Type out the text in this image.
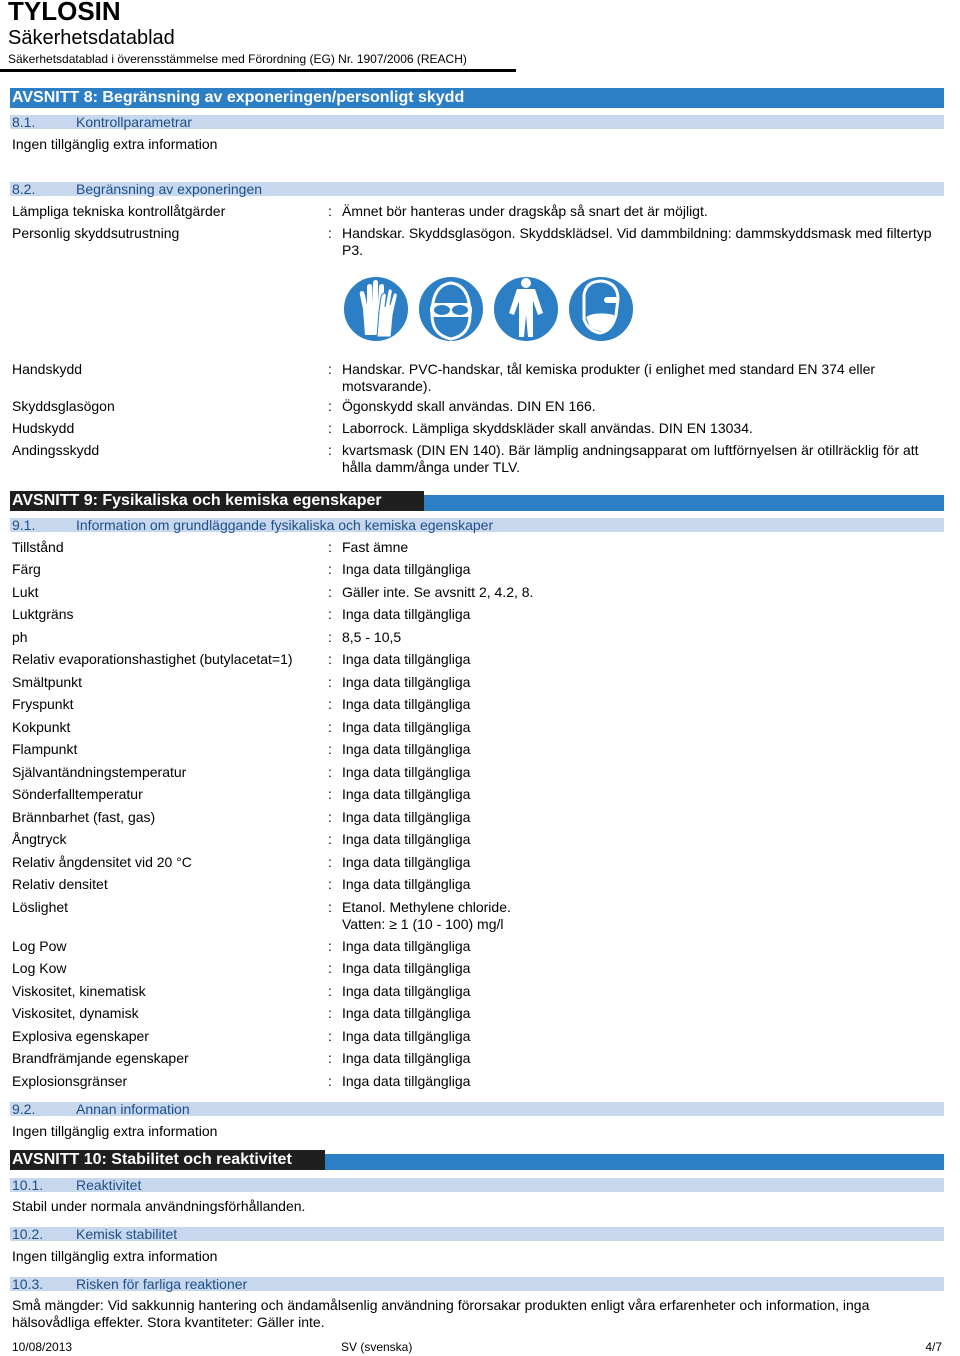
TYLOSIN
Säkerhetsdatablad
Säkerhetsdatablad i överensstämmelse med Förordning (EG) Nr. 1907/2006 (REACH)
AVSNITT 8: Begränsning av exponeringen/personligt skydd
8.1.	Kontrollparametrar
Ingen tillgänglig extra information
8.2.	Begränsning av exponeringen
Lämpliga tekniska kontrollåtgärder	: Ämnet bör hanteras under dragskåp så snart det är möjligt.
Personlig skyddsutrustning	: Handskar. Skyddsglasögon. Skyddsklädsel. Vid dammbildning: dammskyddsmask med filtertyp P3.
Handskydd	: Handskar. PVC-handskar, tål kemiska produkter (i enlighet med standard EN 374 eller motsvarande).
Skyddsglasögon	: Ögonskydd skall användas. DIN EN 166.
Hudskydd	: Laborrock. Lämpliga skyddskläder skall användas. DIN EN 13034.
Andingsskydd	: kvartsmask (DIN EN 140). Bär lämplig andningsapparat om luftförnyelsen är otillräcklig för att hålla damm/ånga under TLV.
AVSNITT 9: Fysikaliska och kemiska egenskaper
9.1.	Information om grundläggande fysikaliska och kemiska egenskaper
Tillstånd	: Fast ämne
Färg	: Inga data tillgängliga
Lukt	: Gäller inte. Se avsnitt 2, 4.2, 8.
Luktgräns	: Inga data tillgängliga
ph	: 8,5 - 10,5
Relativ evaporationshastighet (butylacetat=1)	: Inga data tillgängliga
Smältpunkt	: Inga data tillgängliga
Fryspunkt	: Inga data tillgängliga
Kokpunkt	: Inga data tillgängliga
Flampunkt	: Inga data tillgängliga
Självantändningstemperatur	: Inga data tillgängliga
Sönderfalltemperatur	: Inga data tillgängliga
Brännbarhet (fast, gas)	: Inga data tillgängliga
Ångtryck	: Inga data tillgängliga
Relativ ångdensitet vid 20 °C	: Inga data tillgängliga
Relativ densitet	: Inga data tillgängliga
Löslighet	: Etanol. Methylene chloride.
Vatten: ≥ 1 (10 - 100) mg/l
Log Pow	: Inga data tillgängliga
Log Kow	: Inga data tillgängliga
Viskositet, kinematisk	: Inga data tillgängliga
Viskositet, dynamisk	: Inga data tillgängliga
Explosiva egenskaper	: Inga data tillgängliga
Brandfrämjande egenskaper	: Inga data tillgängliga
Explosionsgränser	: Inga data tillgängliga
9.2.	Annan information
Ingen tillgänglig extra information
AVSNITT 10: Stabilitet och reaktivitet
10.1. Reaktivitet
Stabil under normala användningsförhållanden.
10.2. Kemisk stabilitet
Ingen tillgänglig extra information
10.3. Risken för farliga reaktioner
Små mängder: Vid sakkunnig hantering och ändamålsenlig användning förorsakar produkten enligt våra erfarenheter och information, inga hälsovådliga effekter. Stora kvantiteter: Gäller inte.
10/08/2013	SV (svenska)	4/7
